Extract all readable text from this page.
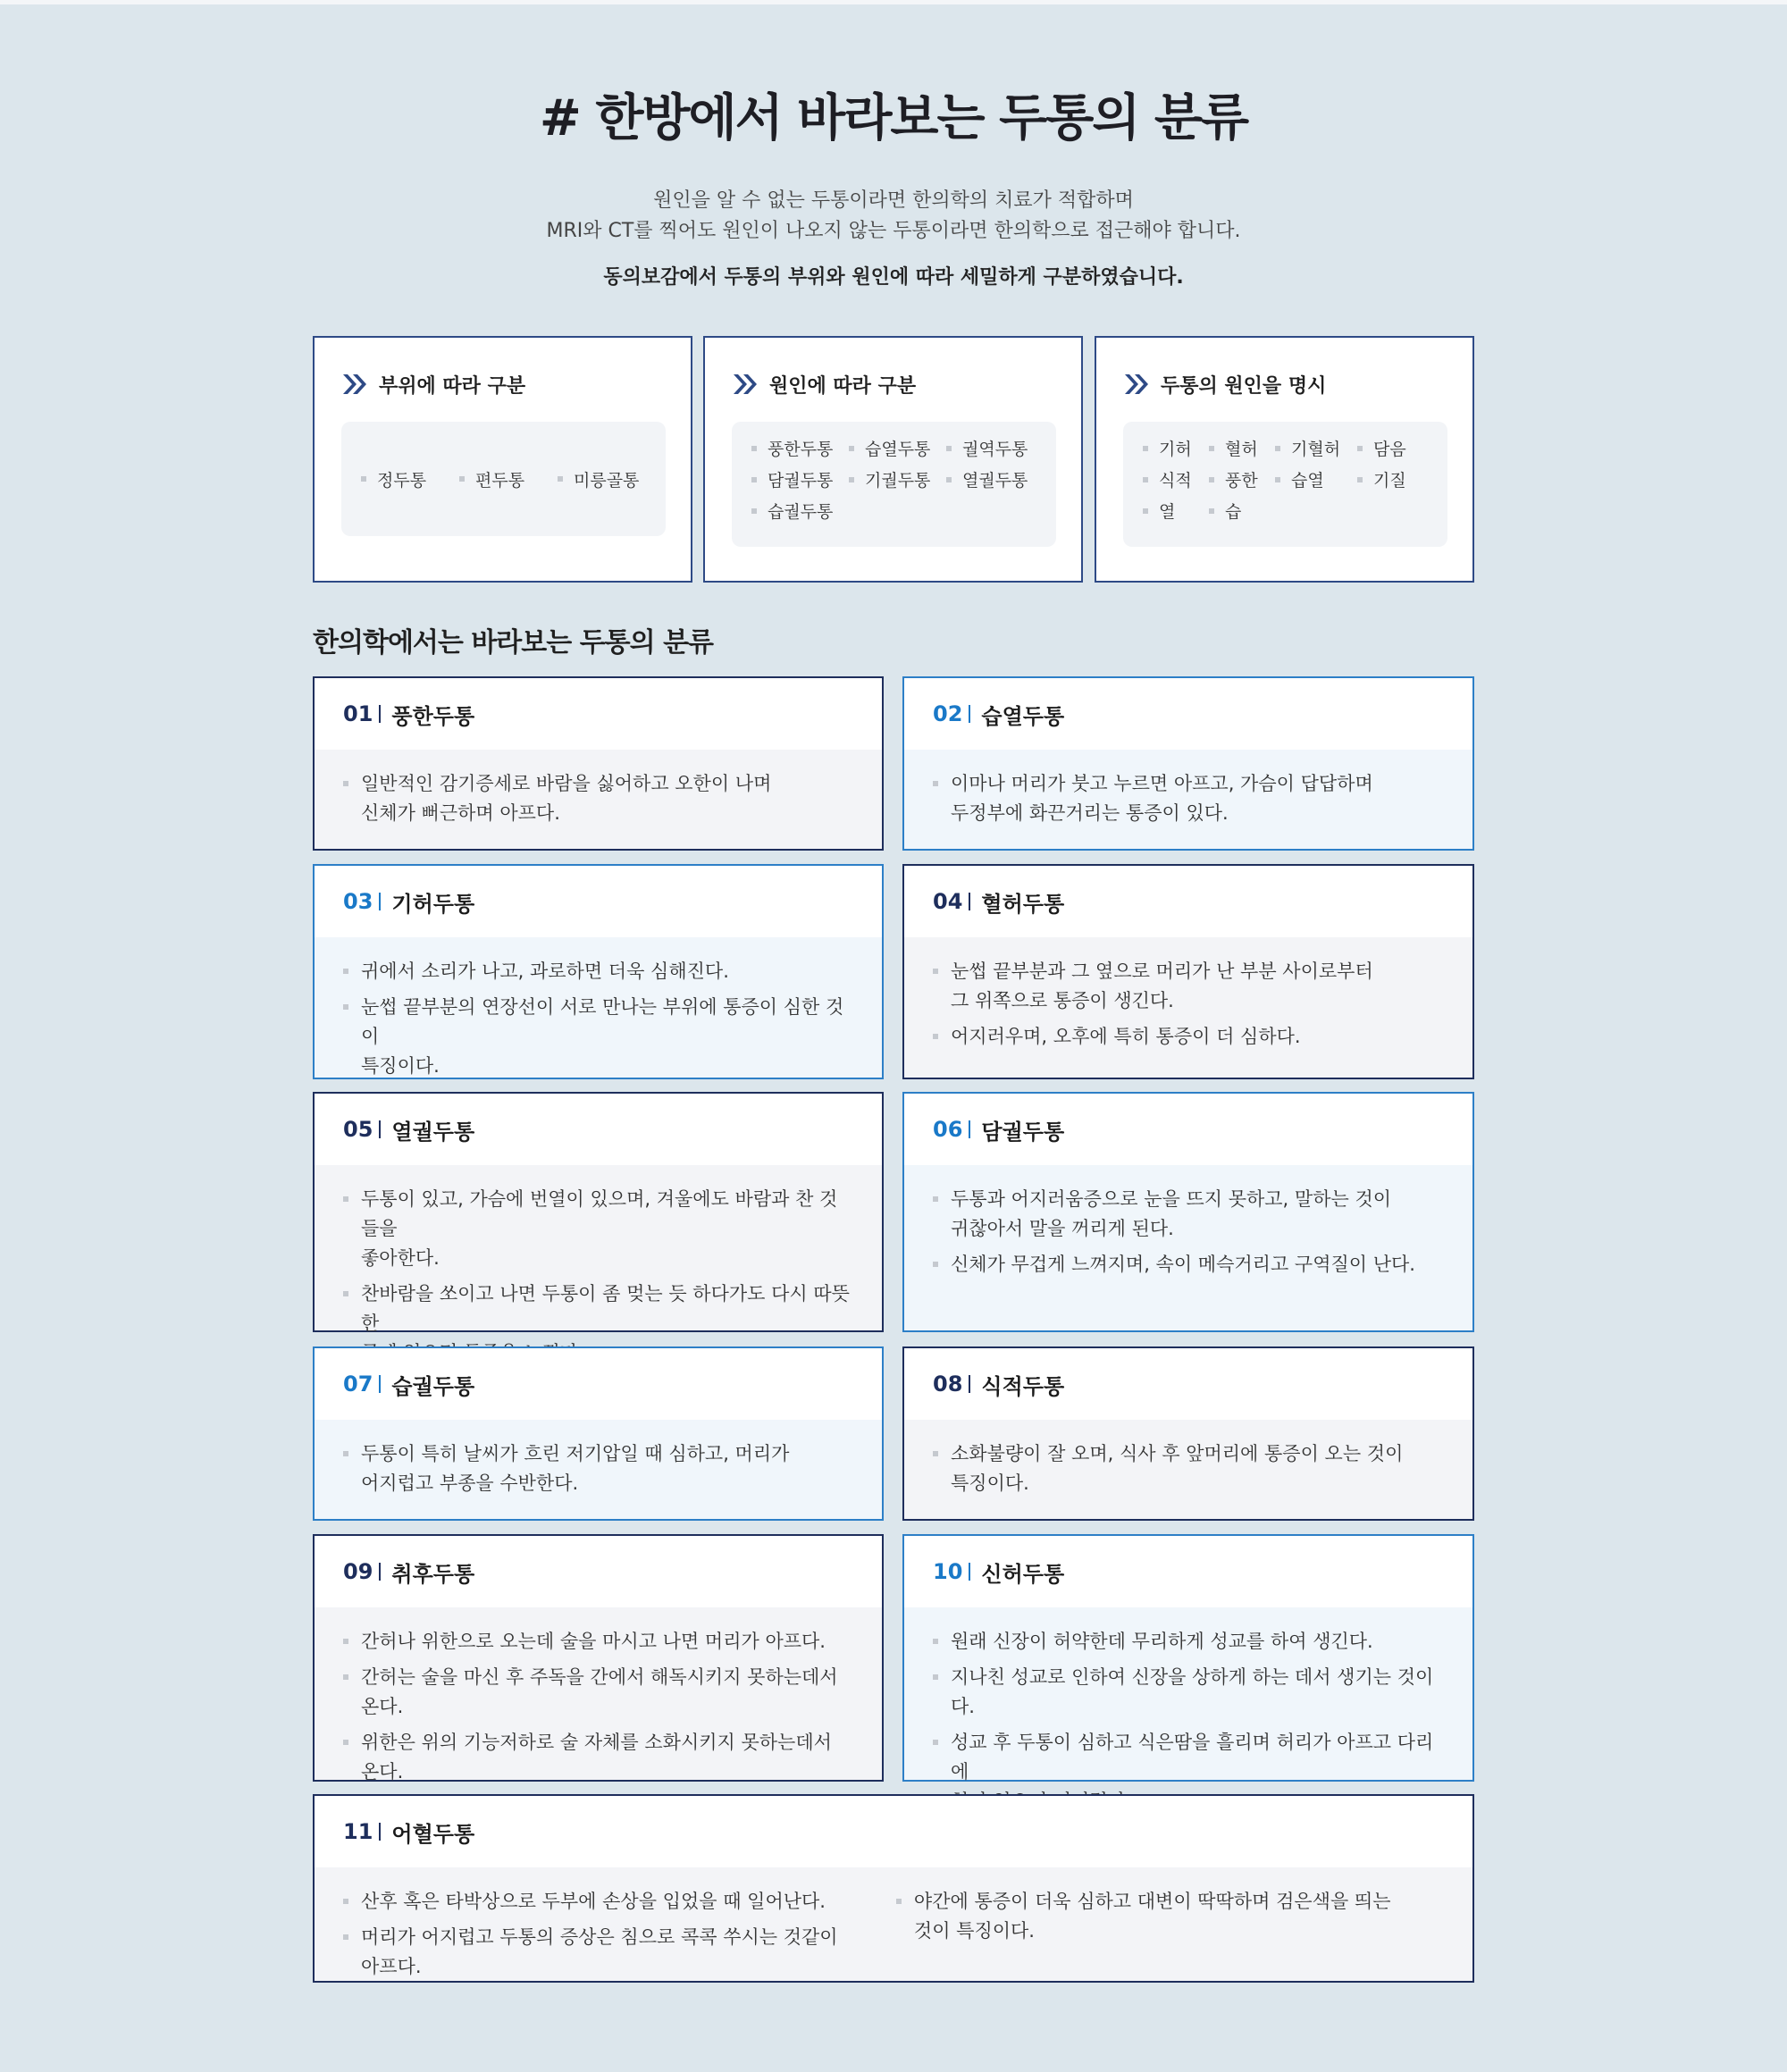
# 한방에서 바라보는 두통의 분류

원인을 알 수 없는 두통이라면 한의학의 치료가 적합하며
MRI와 CT를 찍어도 원인이 나오지 않는 두통이라면 한의학으로 접근해야 합니다.

동의보감에서 두통의 부위와 원인에 따라 세밀하게 구분하였습니다.

부위에 따라 구분
정두통	편두통	미릉골통
원인에 따라 구분
풍한두통	습열두통	궐역두통
담궐두통	기궐두통	열궐두통
습궐두통
두통의 원인을 명시
기허	혈허	기혈허	담음
식적	풍한	습열	기질
열	습
한의학에서는 바라보는 두통의 분류
01 풍한두통
일반적인 감기증세로 바람을 싫어하고 오한이 나며
신체가 뻐근하며 아프다.
02 습열두통
이마나 머리가 붓고 누르면 아프고, 가슴이 답답하며
두정부에 화끈거리는 통증이 있다.
03 기허두통
귀에서 소리가 나고, 과로하면 더욱 심해진다.
눈썹 끝부분의 연장선이 서로 만나는 부위에 통증이 심한 것이
특징이다.
04 혈허두통
눈썹 끝부분과 그 옆으로 머리가 난 부분 사이로부터
그 위쪽으로 통증이 생긴다.
어지러우며, 오후에 특히 통증이 더 심하다.
05 열궐두통
두통이 있고, 가슴에 번열이 있으며, 겨울에도 바람과 찬 것들을
좋아한다.
찬바람을 쏘이고 나면 두통이 좀 멎는 듯 하다가도 다시 따뜻한

06 담궐두통
두통과 어지러움증으로 눈을 뜨지 못하고, 말하는 것이
귀찮아서 말을 꺼리게 된다.
신체가 무겁게 느껴지며, 속이 메슥거리고 구역질이 난다.
07 습궐두통
두통이 특히 날씨가 흐린 저기압일 때 심하고, 머리가
어지럽고 부종을 수반한다.
08 식적두통
소화불량이 잘 오며, 식사 후 앞머리에 통증이 오는 것이
특징이다.
09 취후두통
간허나 위한으로 오는데 술을 마시고 나면 머리가 아프다.
간허는 술을 마신 후 주독을 간에서 해독시키지 못하는데서 온다.
위한은 위의 기능저하로 술 자체를 소화시키지 못하는데서 온다.
10 신허두통
원래 신장이 허약한데 무리하게 성교를 하여 생긴다.
지나친 성교로 인하여 신장을 상하게 하는 데서 생기는 것이다.
성교 후 두통이 심하고 식은땀을 흘리며 허리가 아프고 다리에

11 어혈두통
산후 혹은 타박상으로 두부에 손상을 입었을 때 일어난다.
머리가 어지럽고 두통의 증상은 침으로 콕콕 쑤시는 것같이 아프다.
야간에 통증이 더욱 심하고 대변이 딱딱하며 검은색을 띄는
것이 특징이다.
